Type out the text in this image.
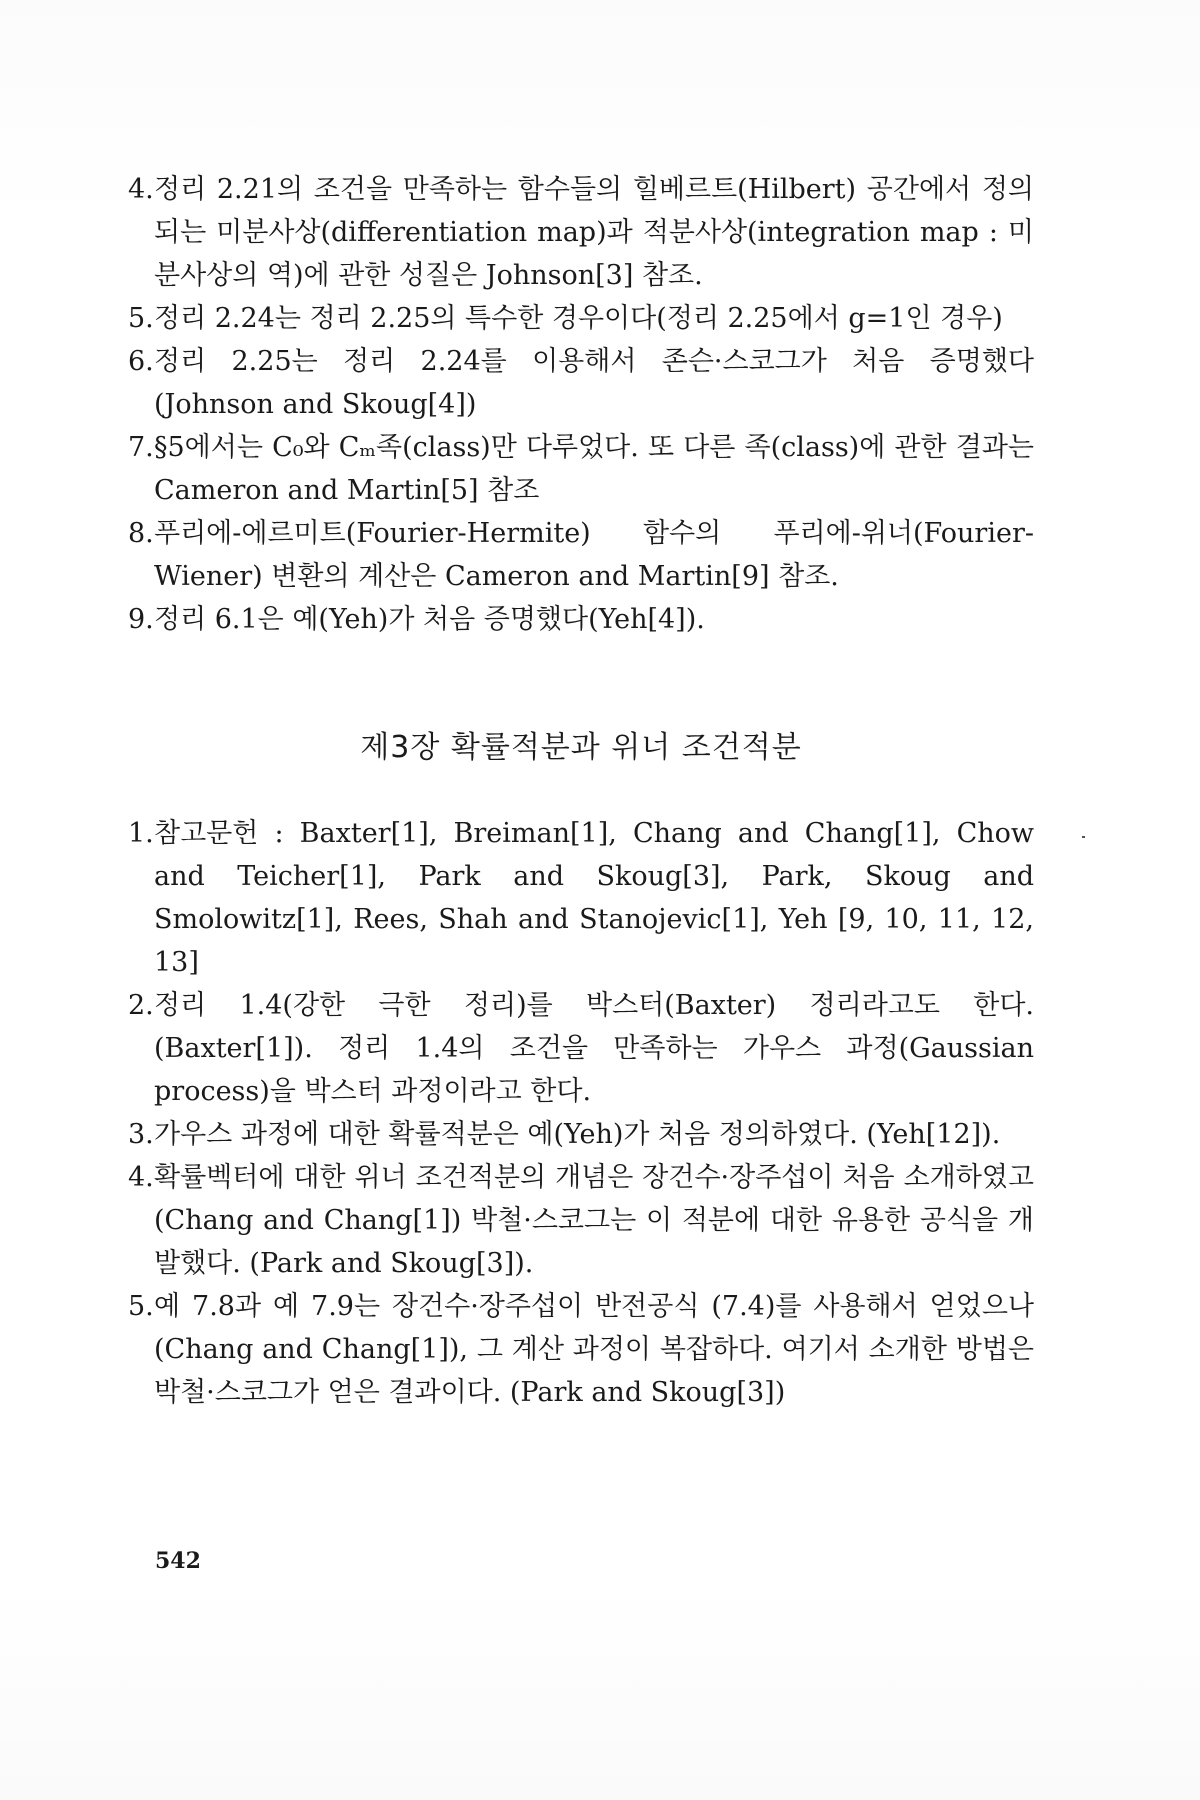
4. 정리 2.21의 조건을 만족하는 함수들의 힐베르트(Hilbert) 공간에서 정의되는 미분사상(differentiation map)과 적분사상(integration map : 미분사상의 역)에 관한 성질은 Johnson[3] 참조.
5. 정리 2.24는 정리 2.25의 특수한 경우이다(정리 2.25에서 g=1인 경우)
6. 정리 2.25는 정리 2.24를 이용해서 존슨·스코그가 처음 증명했다 (Johnson and Skoug[4])
7. §5에서는 C₀와 Cₘ족(class)만 다루었다. 또 다른 족(class)에 관한 결과는 Cameron and Martin[5] 참조
8. 푸리에-에르미트(Fourier-Hermite) 함수의 푸리에-위너(Fourier-Wiener) 변환의 계산은 Cameron and Martin[9] 참조.
9. 정리 6.1은 예(Yeh)가 처음 증명했다(Yeh[4]).
제3장 확률적분과 위너 조건적분
1. 참고문헌 : Baxter[1], Breiman[1], Chang and Chang[1], Chow and Teicher[1], Park and Skoug[3], Park, Skoug and Smolowitz[1], Rees, Shah and Stanojevic[1], Yeh [9, 10, 11, 12, 13]
2. 정리 1.4(강한 극한 정리)를 박스터(Baxter) 정리라고도 한다. (Baxter[1]). 정리 1.4의 조건을 만족하는 가우스 과정(Gaussian process)을 박스터 과정이라고 한다.
3. 가우스 과정에 대한 확률적분은 예(Yeh)가 처음 정의하였다. (Yeh[12]).
4. 확률벡터에 대한 위너 조건적분의 개념은 장건수·장주섭이 처음 소개하였고(Chang and Chang[1]) 박철·스코그는 이 적분에 대한 유용한 공식을 개발했다. (Park and Skoug[3]).
5. 예 7.8과 예 7.9는 장건수·장주섭이 반전공식 (7.4)를 사용해서 얻었으나(Chang and Chang[1]), 그 계산 과정이 복잡하다. 여기서 소개한 방법은 박철·스코그가 얻은 결과이다. (Park and Skoug[3])
542
